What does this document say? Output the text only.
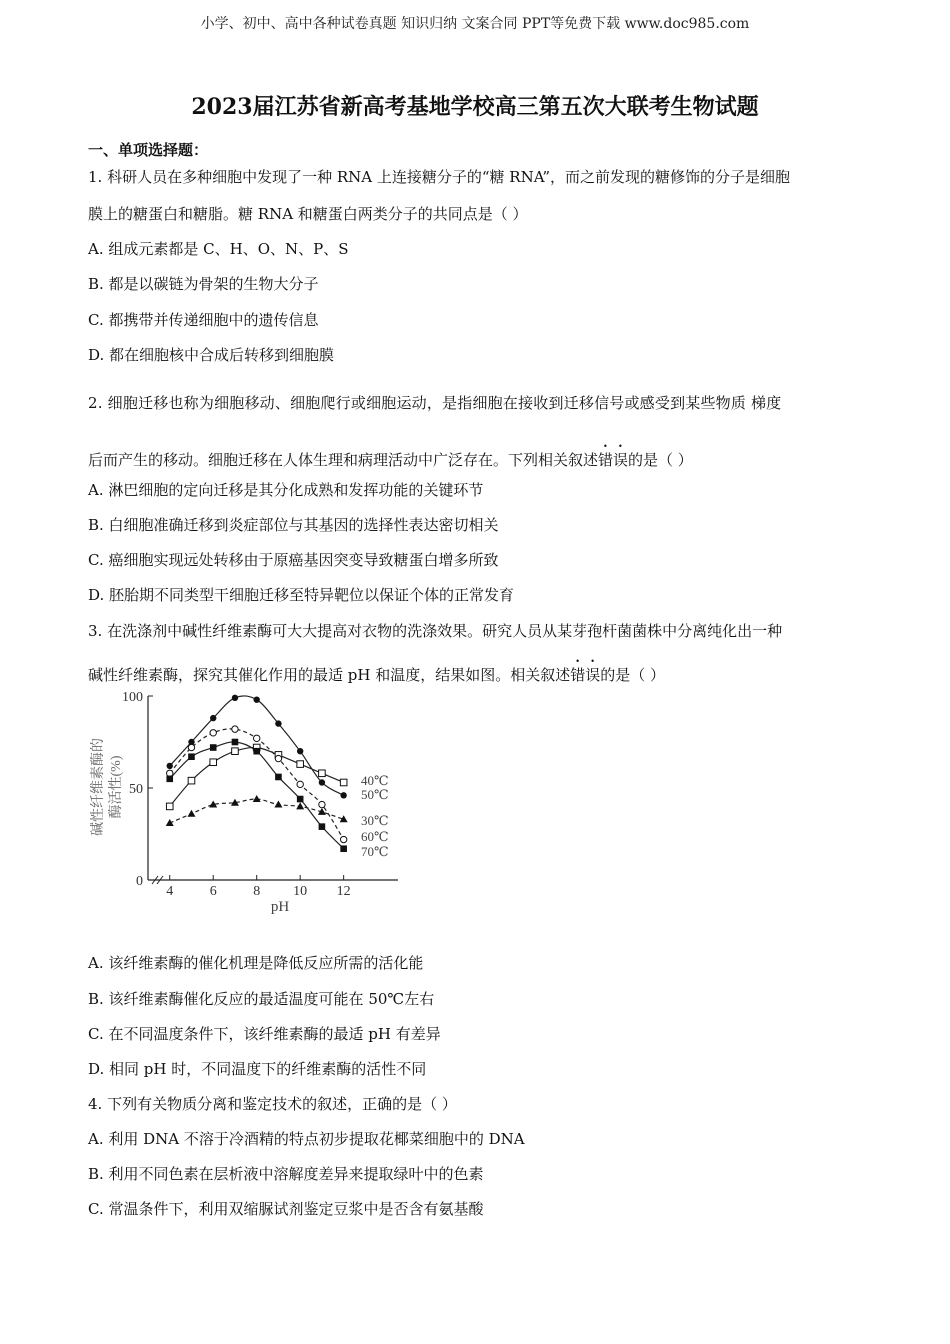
小学、初中、高中各种试卷真题 知识归纳 文案合同 PPT等免费下载 www.doc985.com
2023届江苏省新高考基地学校高三第五次大联考生物试题
一、单项选择题：
1. 科研人员在多种细胞中发现了一种 RNA 上连接糖分子的“糖 RNA”，而之前发现的糖修饰的分子是细胞
膜上的糖蛋白和糖脂。糖 RNA 和糖蛋白两类分子的共同点是（ ）
A. 组成元素都是 C、H、O、N、P、S
B. 都是以碳链为骨架的生物大分子
C. 都携带并传递细胞中的遗传信息
D. 都在细胞核中合成后转移到细胞膜
2. 细胞迁移也称为细胞移动、细胞爬行或细胞运动，是指细胞在接收到迁移信号或感受到某些物质 梯度
后而产生的移动。细胞迁移在人体生理和病理活动中广泛存在。下列相关叙述错误的是（ ）
A. 淋巴细胞的定向迁移是其分化成熟和发挥功能的关键环节
B. 白细胞准确迁移到炎症部位与其基因的选择性表达密切相关
C. 癌细胞实现远处转移由于原癌基因突变导致糖蛋白增多所致
D. 胚胎期不同类型干细胞迁移至特异靶位以保证个体的正常发育
3. 在洗涤剂中碱性纤维素酶可大大提高对衣物的洗涤效果。研究人员从某芽孢杆菌菌株中分离纯化出一种
碱性纤维素酶，探究其催化作用的最适 pH 和温度，结果如图。相关叙述错误的是（ ）
4	6	8 10 12
0
50
100
40℃
50℃
30℃
60℃
70℃
pH
碱性纤维素酶的 酶活性(%)
A. 该纤维素酶的催化机理是降低反应所需的活化能
B. 该纤维素酶催化反应的最适温度可能在 50℃左右
C. 在不同温度条件下，该纤维素酶的最适 pH 有差异
D. 相同 pH 时，不同温度下的纤维素酶的活性不同
4. 下列有关物质分离和鉴定技术的叙述，正确的是（ ）
A. 利用 DNA 不溶于冷酒精的特点初步提取花椰菜细胞中的 DNA
B. 利用不同色素在层析液中溶解度差异来提取绿叶中的色素
C. 常温条件下，利用双缩脲试剂鉴定豆浆中是否含有氨基酸
